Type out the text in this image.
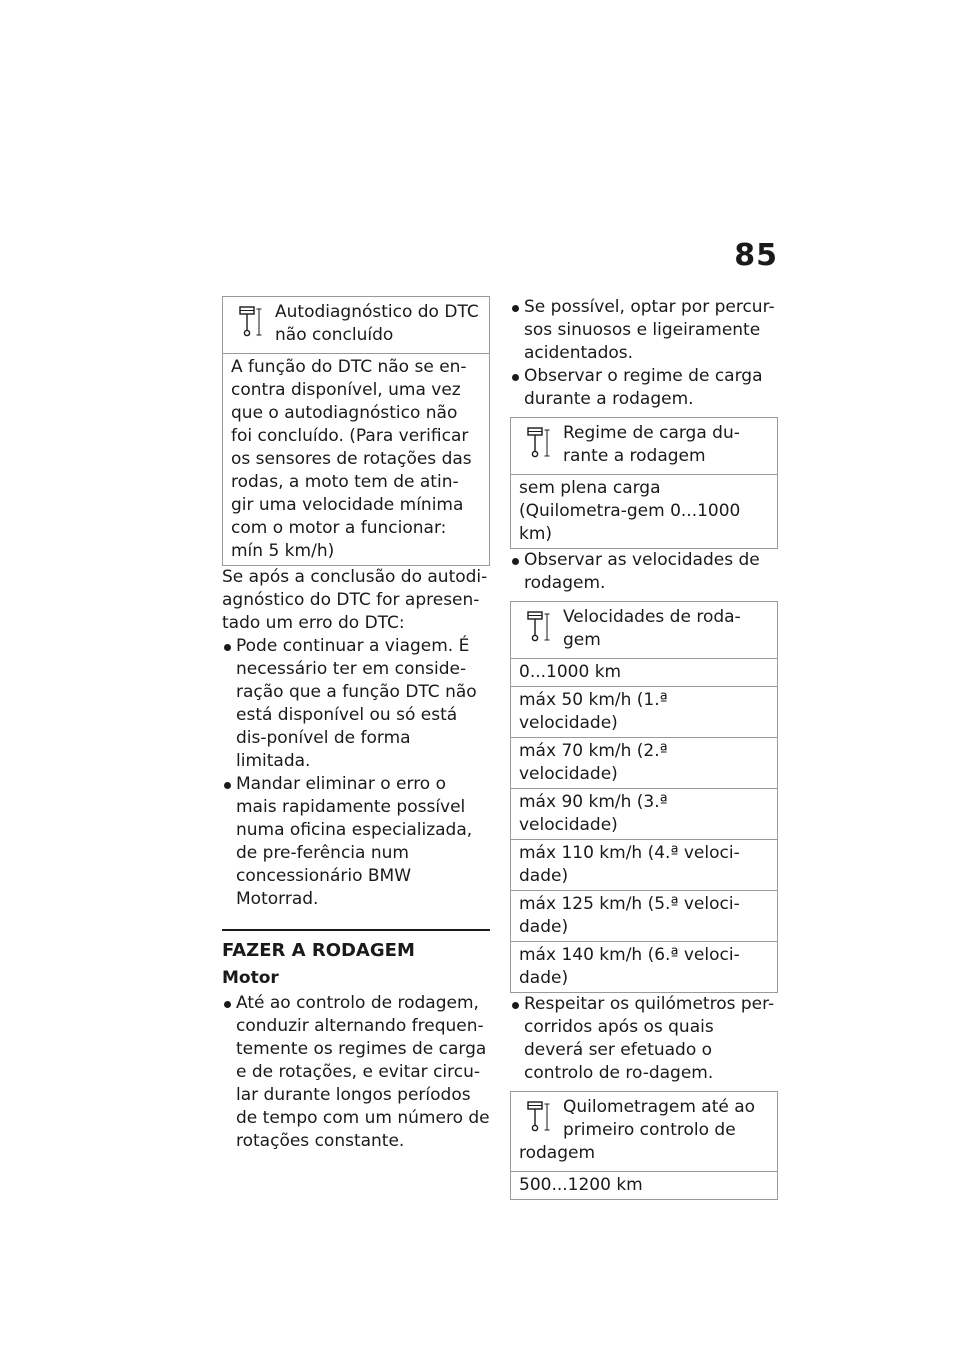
85
Autodiagnóstico do DTC não concluído
A função do DTC não se en-contra disponível, uma vez que o autodiagnóstico não foi concluído. (Para verificar os sensores de rotações das rodas, a moto tem de atin-gir uma velocidade mínima com o motor a funcionar: mín 5 km/h)

Se após a conclusão do autodi-agnóstico do DTC for apresen-tado um erro do DTC:

Pode continuar a viagem. É necessário ter em conside-ração que a função DTC não está disponível ou só está dis-ponível de forma limitada.
Mandar eliminar o erro o mais rapidamente possível numa oficina especializada, de pre-ferência num concessionário BMW Motorrad.
FAZER A RODAGEM
Motor
Até ao controlo de rodagem, conduzir alternando frequen-temente os regimes de carga e de rotações, e evitar circu-lar durante longos períodos de tempo com um número de rotações constante.
Se possível, optar por percur-sos sinuosos e ligeiramente acidentados.
Observar o regime de carga durante a rodagem.
Regime de carga du-rante a rodagem
sem plena carga (Quilometra-gem 0...1000 km)
Observar as velocidades de rodagem.
Velocidades de roda-gem
0...1000 km
máx 50 km/h (1.ª velocidade)
máx 70 km/h (2.ª velocidade)
máx 90 km/h (3.ª velocidade)
máx 110 km/h (4.ª veloci-dade)
máx 125 km/h (5.ª veloci-dade)
máx 140 km/h (6.ª veloci-dade)
Respeitar os quilómetros per-corridos após os quais deverá ser efetuado o controlo de ro-dagem.
Quilometragem até ao primeiro controlo de
rodagem
500...1200 km
